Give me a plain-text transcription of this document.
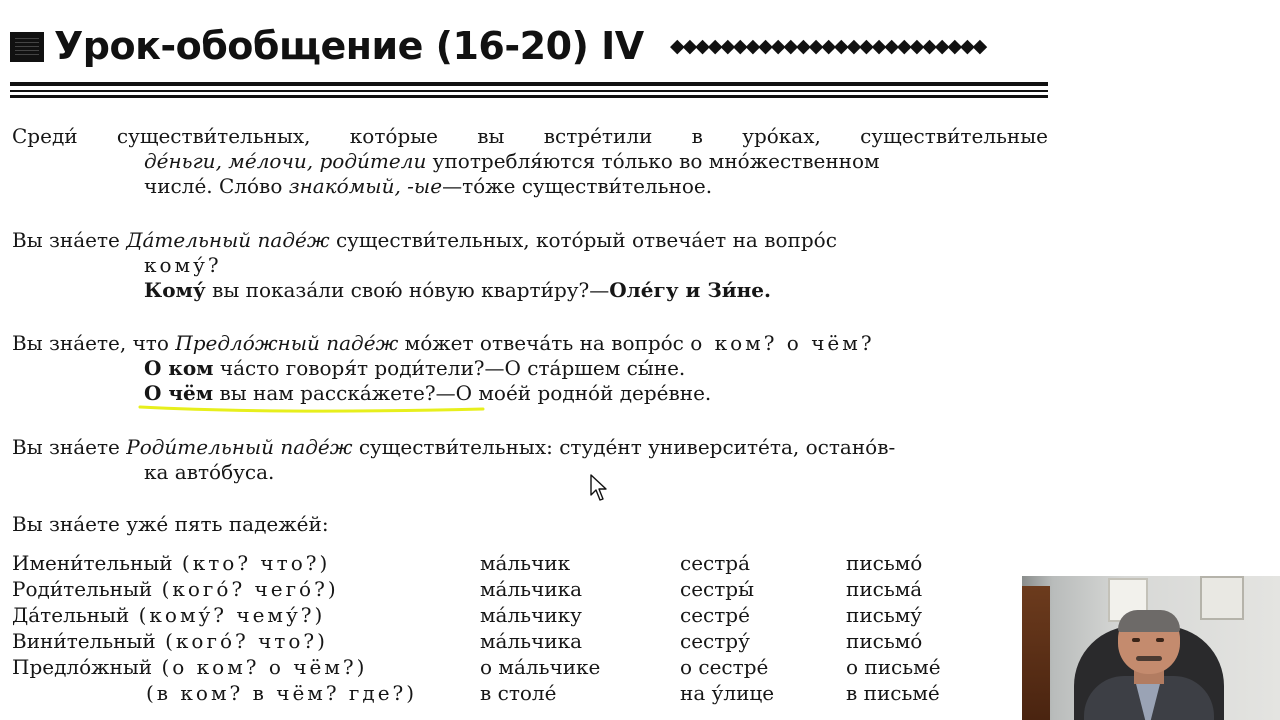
Урок-обобщение (16-20) IV ◆◆◆◆◆◆◆◆◆◆◆◆◆◆◆◆◆◆◆◆◆◆◆◆◆
Среди́ существи́тельных, кото́рые вы встре́тили в уро́ках, существи́тельные
де́ньги, ме́лочи, роди́тели употребля́ются то́лько во мно́жественном
числе́. Сло́во знако́мый, -ые—то́же существи́тельное.
Вы зна́ете Да́тельный паде́ж существи́тельных, кото́рый отвеча́ет на вопро́с
кому́?
Кому́ вы показа́ли свою́ но́вую кварти́ру?—Оле́гу и Зи́не.
Вы зна́ете, что Предло́жный паде́ж мо́жет отвеча́ть на вопро́с о ком? о чём?
О ком ча́сто говоря́т роди́тели?—О ста́ршем сы́не.
О чём вы нам расска́жете?
—О мое́й родно́й дере́вне.
Вы зна́ете Роди́тельный паде́ж существи́тельных: студе́нт университе́та, остано́в-
ка авто́буса.
Вы зна́ете уже́ пять падеже́й:
Имени́тельный (кто? что?)	ма́льчик	сестра́	письмо́
Роди́тельный (кого́? чего́?)	ма́льчика	сестры́	письма́
Да́тельный (кому́? чему́?)	ма́льчику	сестре́	письму́
Вини́тельный (кого́? что?)	ма́льчика	сестру́	письмо́
Предло́жный (о ком? о чём?)	о ма́льчике	о сестре́	о письме́
(в ком? в чём? где?)	в столе́	на у́лице	в письме́
